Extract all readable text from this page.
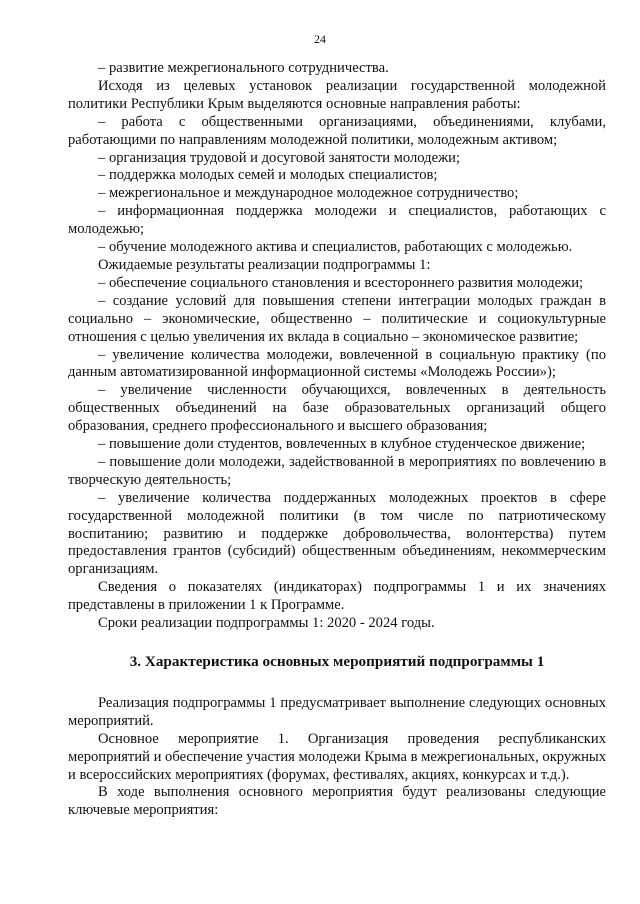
24

– развитие межрегионального сотрудничества.

Исходя из целевых установок реализации государственной молодежной политики Республики Крым выделяются основные направления работы:

– работа с общественными организациями, объединениями, клубами, работающими по направлениям молодежной политики, молодежным активом;

– организация трудовой и досуговой занятости молодежи;

– поддержка молодых семей и молодых специалистов;

– межрегиональное и международное молодежное сотрудничество;

– информационная поддержка молодежи и специалистов, работающих с молодежью;

– обучение молодежного актива и специалистов, работающих с молодежью.

Ожидаемые результаты реализации подпрограммы 1:

– обеспечение социального становления и всестороннего развития молодежи;

– создание условий для повышения степени интеграции молодых граждан в социально – экономические, общественно – политические и социокультурные отношения с целью увеличения их вклада в социально – экономическое развитие;

– увеличение количества молодежи, вовлеченной в социальную практику (по данным автоматизированной информационной системы «Молодежь России»);

– увеличение численности обучающихся, вовлеченных в деятельность общественных объединений на базе образовательных организаций общего образования, среднего профессионального и высшего образования;

– повышение доли студентов, вовлеченных в клубное студенческое движение;

– повышение доли молодежи, задействованной в мероприятиях по вовлечению в творческую деятельность;

– увеличение количества поддержанных молодежных проектов в сфере государственной молодежной политики (в том числе по патриотическому воспитанию; развитию и поддержке добровольчества, волонтерства) путем предоставления грантов (субсидий) общественным объединениям, некоммерческим организациям.

Сведения о показателях (индикаторах) подпрограммы 1 и их значениях представлены в приложении 1 к Программе.

Сроки реализации подпрограммы 1: 2020 - 2024 годы.

3. Характеристика основных мероприятий подпрограммы 1

Реализация подпрограммы 1 предусматривает выполнение следующих основных мероприятий.

Основное мероприятие 1. Организация проведения республиканских мероприятий и обеспечение участия молодежи Крыма в межрегиональных, окружных и всероссийских мероприятиях (форумах, фестивалях, акциях, конкурсах и т.д.).

В ходе выполнения основного мероприятия будут реализованы следующие ключевые мероприятия:
